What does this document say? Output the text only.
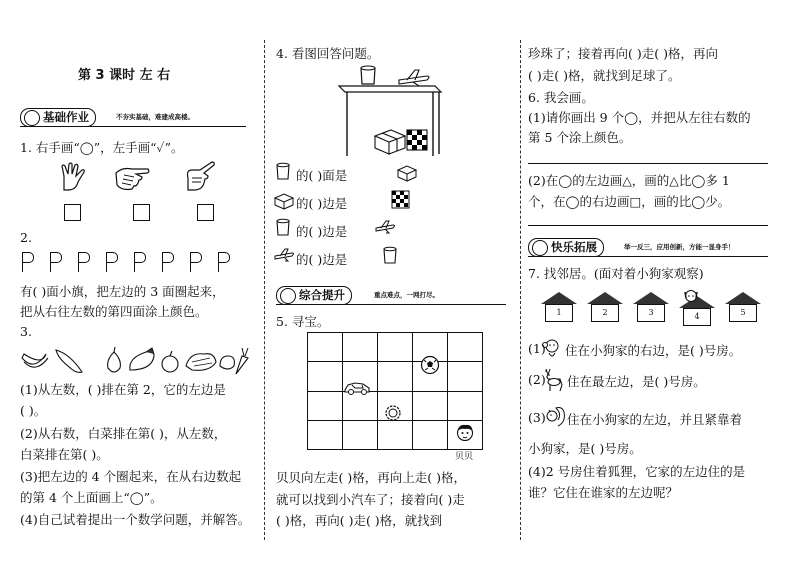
第 3 课时 左 右
基础作业	不夯实基础，难建成高楼。
1. 右手画“◯”，左手画“✓”。
2.
有( )面小旗，把左边的 3 面圈起来，
把从右往左数的第四面涂上颜色。
3.
(1)从左数，( )排在第 2，它的左边是
( )。
(2)从右数，白菜排在第( )，从左数，
白菜排在第( )。
(3)把左边的 4 个圈起来，在从右边数起
的第 4 个上面画上“◯”。
(4)自己试着提出一个数学问题，并解答。
4. 看图回答问题。
的( )面是
的( )边是
的( )边是
的( )边是
综合提升	重点难点，一网打尽。
5. 寻宝。
贝贝
贝贝向左走( )格，再向上走( )格，
就可以找到小汽车了；接着向( )走
( )格，再向( )走( )格，就找到
珍珠了；接着再向( )走( )格，再向
( )走( )格，就找到足球了。
6. 我会画。
(1)请你画出 9 个◯，并把从左往右数的
第 5 个涂上颜色。
(2)在◯的左边画△，画的△比◯多 1
个，在◯的右边画□，画的比◯少。
快乐拓展	举一反三，应用创新，方能一显身手！
7. 找邻居。(面对着小狗家观察)
1	2	3	4	5
(1) 住在小狗家的右边，是( )号房。
(2) 住在最左边，是( )号房。
(3) 住在小狗家的左边，并且紧靠着
小狗家，是( )号房。
(4)2 号房住着狐狸，它家的左边住的是
谁？它住在谁家的左边呢？
